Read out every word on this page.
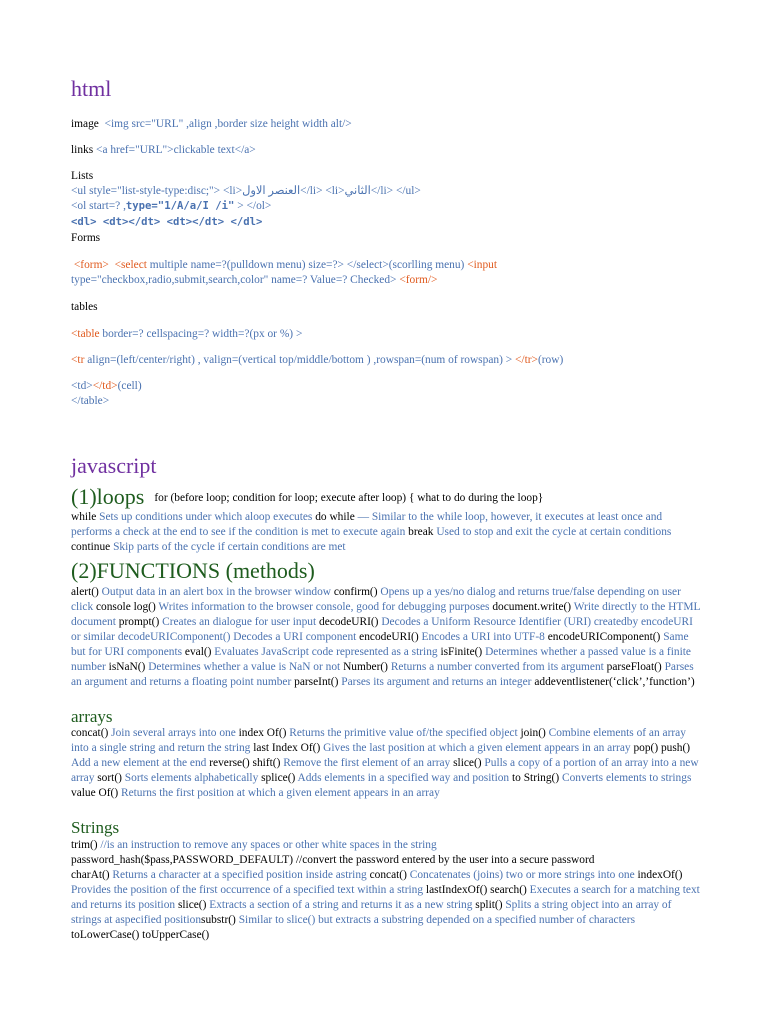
html
image <img src="URL" ,align ,border size height width alt/>
links <a href="URL">clickable text</a>
Lists
<ul style="list-style-type:disc;"> <li>العنصر الاول</li> <li>الثاني</li> </ul>
<ol start=? ,type="1/A/a/I /i" > </ol>
<dl> <dt></dt> <dt></dt> </dl>
Forms
<form> <select multiple name=?(pulldown menu) size=?> </select>(scorlling menu) <input
type="checkbox,radio,submit,search,color" name=? Value=? Checked> <form/>
tables
<table border=? cellspacing=? width=?(px or %) >
<tr align=(left/center/right) , valign=(vertical top/middle/bottom ) ,rowspan=(num of rowspan) > </tr>(row)
<td></td>(cell)
</table>
javascript
(1)loops for (before loop; condition for loop; execute after loop) { what to do during the loop}
while Sets up conditions under which aloop executes do while — Similar to the while loop, however, it executes at least once and performs a check at the end to see if the condition is met to execute again break Used to stop and exit the cycle at certain conditions continue Skip parts of the cycle if certain conditions are met
(2)FUNCTIONS (methods)
alert() Output data in an alert box in the browser window confirm() Opens up a yes/no dialog and returns true/false depending on user click console log() Writes information to the browser console, good for debugging purposes document.write() Write directly to the HTML document prompt() Creates an dialogue for user input decodeURI() Decodes a Uniform Resource Identifier (URI) createdby encodeURI or similar decodeURIComponent() Decodes a URI component encodeURI() Encodes a URI into UTF-8 encodeURIComponent() Same but for URI components eval() Evaluates JavaScript code represented as a string isFinite() Determines whether a passed value is a finite number isNaN() Determines whether a value is NaN or not Number() Returns a number converted from its argument parseFloat() Parses an argument and returns a floating point number parseInt() Parses its argument and returns an integer addeventlistener(‘click’,’function’)
arrays
concat() Join several arrays into one index Of() Returns the primitive value of/the specified object join() Combine elements of an array into a single string and return the string last Index Of() Gives the last position at which a given element appears in an array pop() push() Add a new element at the end reverse() shift() Remove the first element of an array slice() Pulls a copy of a portion of an array into a new array sort() Sorts elements alphabetically splice() Adds elements in a specified way and position to String() Converts elements to strings value Of() Returns the first position at which a given element appears in an array
Strings
trim() //is an instruction to remove any spaces or other white spaces in the string
password_hash($pass,PASSWORD_DEFAULT) //convert the password entered by the user into a secure password
charAt() Returns a character at a specified position inside astring concat() Concatenates (joins) two or more strings into one indexOf() Provides the position of the first occurrence of a specified text within a string lastIndexOf() search() Executes a search for a matching text and returns its position slice() Extracts a section of a string and returns it as a new string split() Splits a string object into an array of strings at aspecified positionsubstr() Similar to slice() but extracts a substring depended on a specified number of characters toLowerCase() toUpperCase()
